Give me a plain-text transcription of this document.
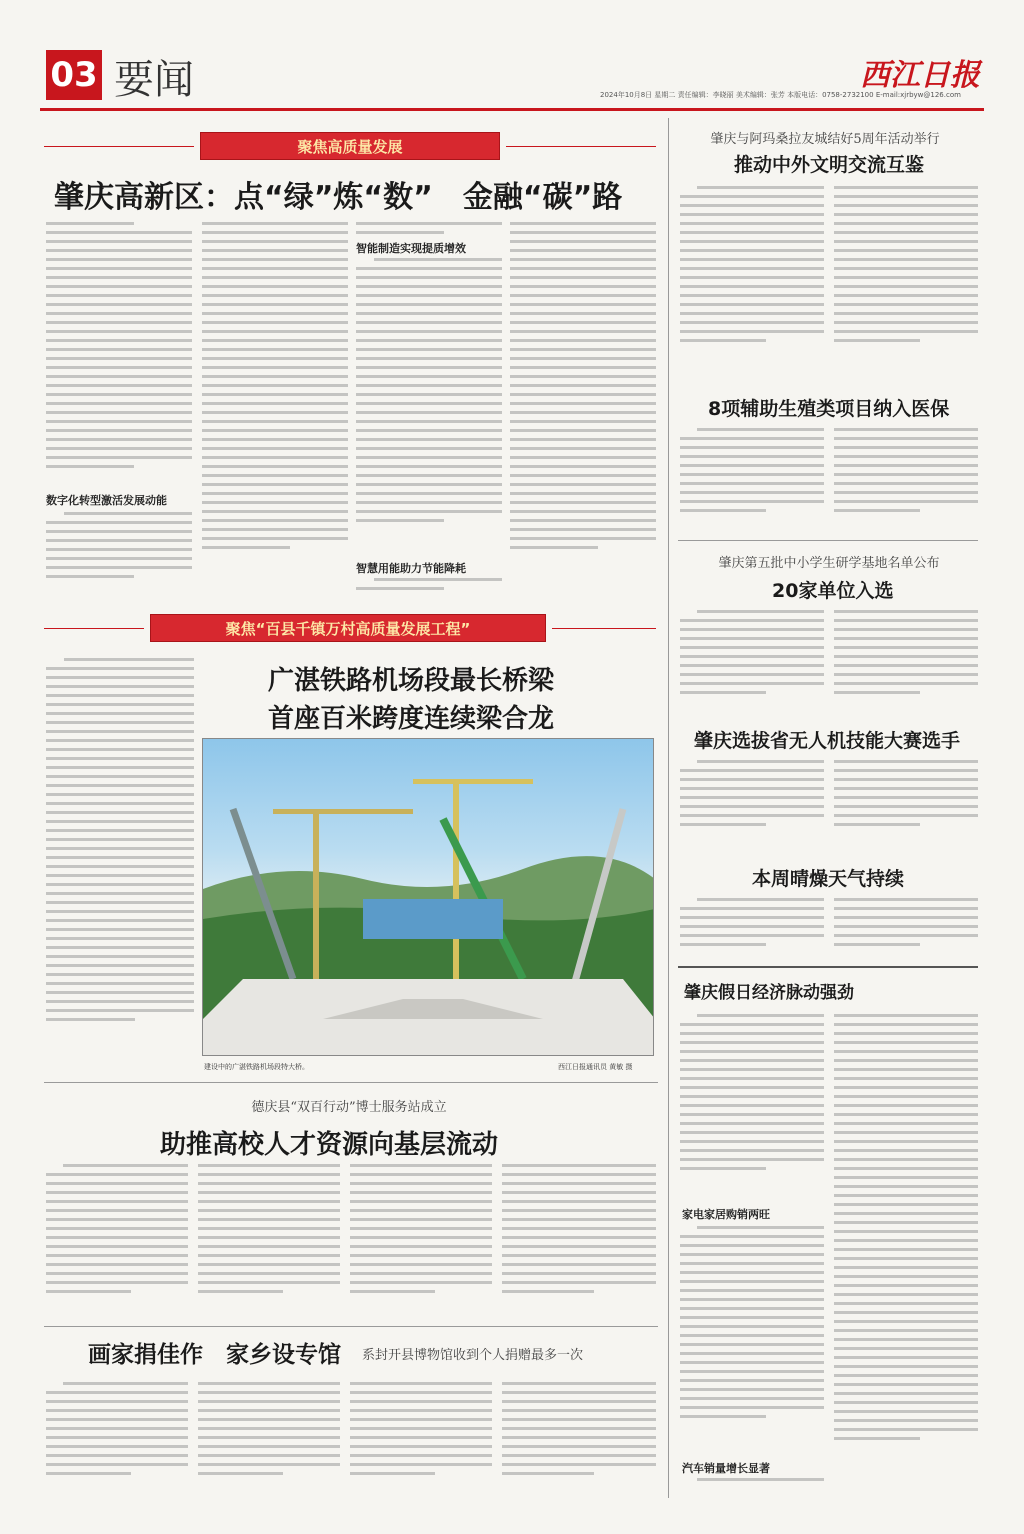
03 要闻	西江日报
2024年10月8日 星期二 责任编辑：李晓丽 美术编辑：张芳 本版电话：0758-2732100 E-mail:xjrbyw@126.com
聚焦高质量发展
肇庆高新区：点“绿”炼“数”　金融“碳”路
数字化转型激活发展动能
智能制造实现提质增效
智慧用能助力节能降耗
聚焦“百县千镇万村高质量发展工程”
广湛铁路机场段最长桥梁
首座百米跨度连续梁合龙
建设中的广湛铁路机场段特大桥。	西江日报通讯员 黄敏 摄
德庆县“双百行动”博士服务站成立
助推高校人才资源向基层流动
画家捐佳作　家乡设专馆 系封开县博物馆收到个人捐赠最多一次
肇庆与阿玛桑拉友城结好5周年活动举行
推动中外文明交流互鉴
8项辅助生殖类项目纳入医保
肇庆第五批中小学生研学基地名单公布
20家单位入选
肇庆选拔省无人机技能大赛选手
本周晴燥天气持续
肇庆假日经济脉动强劲
家电家居购销两旺
汽车销量增长显著
